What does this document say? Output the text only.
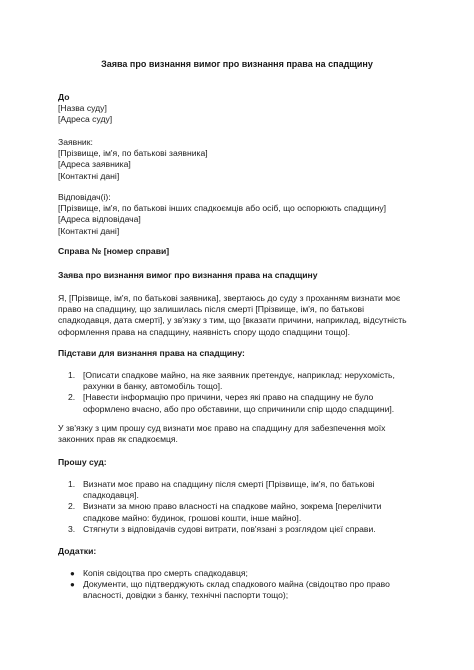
Заява про визнання вимог про визнання права на спадщину
До
[Назва суду]
[Адреса суду]
Заявник:
[Прізвище, ім'я, по батькові заявника]
[Адреса заявника]
[Контактні дані]
Відповідач(і):
[Прізвище, ім'я, по батькові інших спадкоємців або осіб, що оспорюють спадщину]
[Адреса відповідача]
[Контактні дані]
Справа № [номер справи]
Заява про визнання вимог про визнання права на спадщину
Я, [Прізвище, ім'я, по батькові заявника], звертаюсь до суду з проханням визнати моє
право на спадщину, що залишилась після смерті [Прізвище, ім'я, по батькові
спадкодавця, дата смерті], у зв'язку з тим, що [вказати причини, наприклад, відсутність
оформлення права на спадщину, наявність спору щодо спадщини тощо].
Підстави для визнання права на спадщину:
1. [Описати спадкове майно, на яке заявник претендує, наприклад: нерухомість,
рахунки в банку, автомобіль тощо].
2. [Навести інформацію про причини, через які право на спадщину не було
оформлено вчасно, або про обставини, що спричинили спір щодо спадщини].
У зв'язку з цим прошу суд визнати моє право на спадщину для забезпечення моїх
законних прав як спадкоємця.
Прошу суд:
1. Визнати моє право на спадщину після смерті [Прізвище, ім'я, по батькові
спадкодавця].
2. Визнати за мною право власності на спадкове майно, зокрема [перелічити
спадкове майно: будинок, грошові кошти, інше майно].
3. Стягнути з відповідачів судові витрати, пов'язані з розглядом цієї справи.
Додатки:
● Копія свідоцтва про смерть спадкодавця;
● Документи, що підтверджують склад спадкового майна (свідоцтво про право
власності, довідки з банку, технічні паспорти тощо);
